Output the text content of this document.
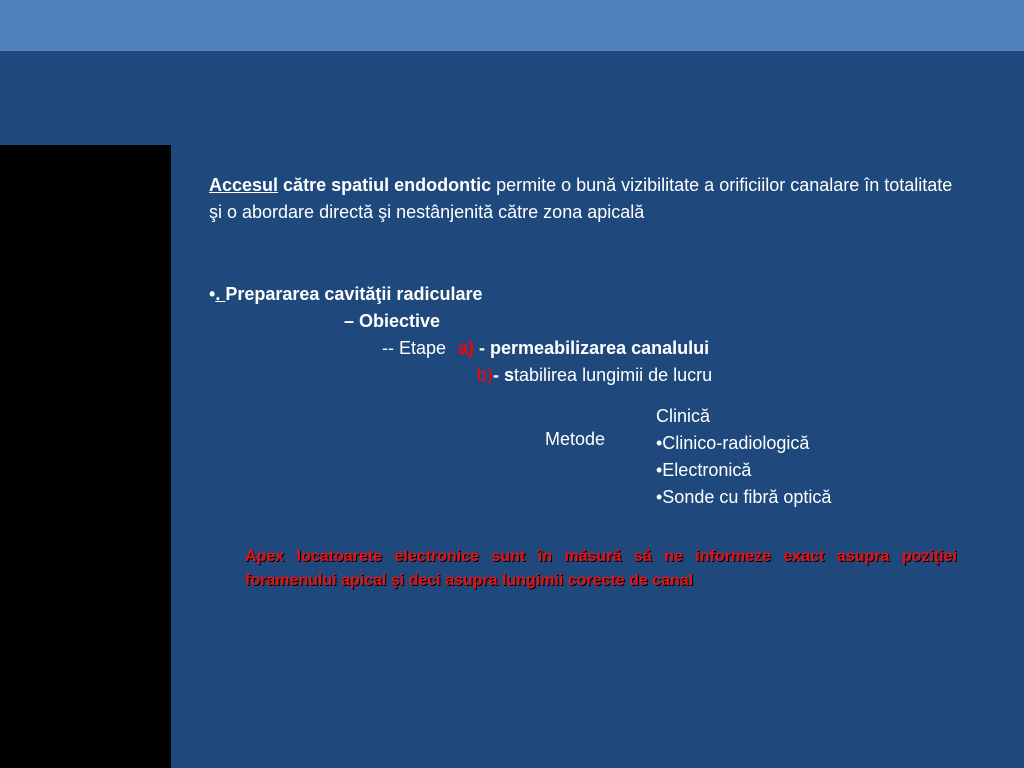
Accesul către spatiul endodontic permite o bună vizibilitate a orificiilor canalare în totalitate şi o abordare directă şi nestânjenită către zona apicală
•. Prepararea cavităţii radiculare
– Obiective
-- Etape a) - permeabilizarea canalului
b)- stabilirea lungimii de lucru
Metode
Clinică
•Clinico-radiologică
•Electronică
•Sonde cu fibră optică
Apex locatoarete electronice sunt în măsură să ne informeze exact asupra poziţiei foramenului apical şi deci asupra lungimii corecte de canal
